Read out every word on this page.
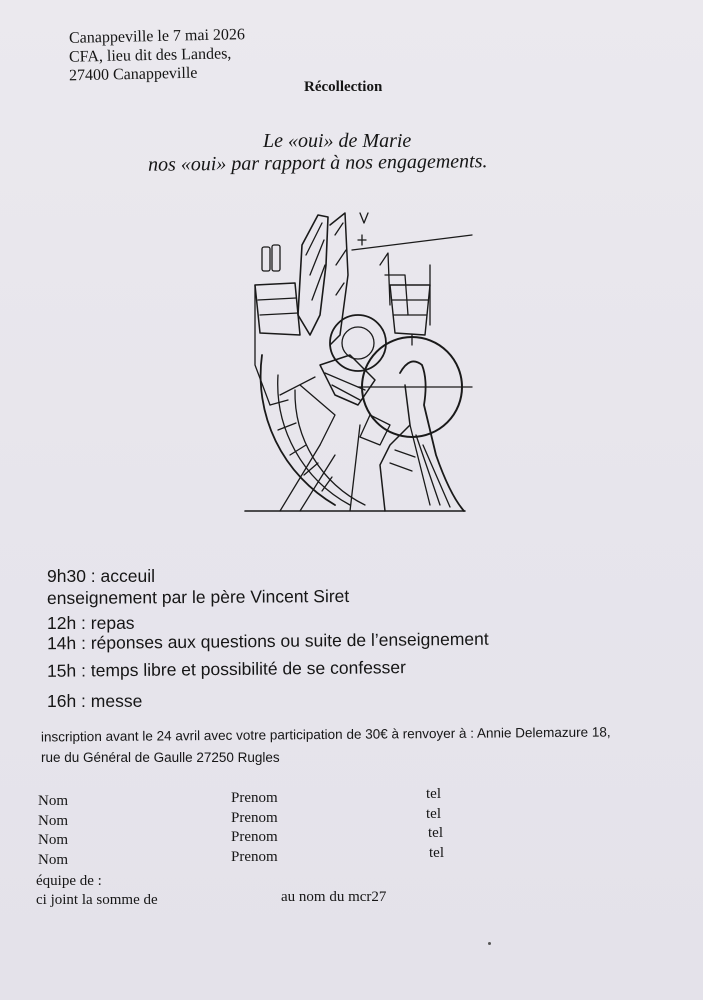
Canappeville le 7 mai 2026
CFA, lieu dit des Landes,
27400 Canappeville
Récollection
Le «oui» de Marie
nos «oui» par rapport à nos engagements.
9h30 : acceuil
enseignement par le père Vincent Siret
12h : repas
14h : réponses aux questions ou suite de l’enseignement
15h : temps libre et possibilité de se confesser
16h : messe
inscription avant le 24 avril avec votre participation de 30€ à renvoyer à : Annie Delemazure 18,
rue du Général de Gaulle 27250 Rugles
Nom	Prenom	tel
Nom	Prenom	tel
Nom	Prenom	tel
Nom	Prenom	tel
équipe de :
ci joint la somme de	au nom du mcr27
